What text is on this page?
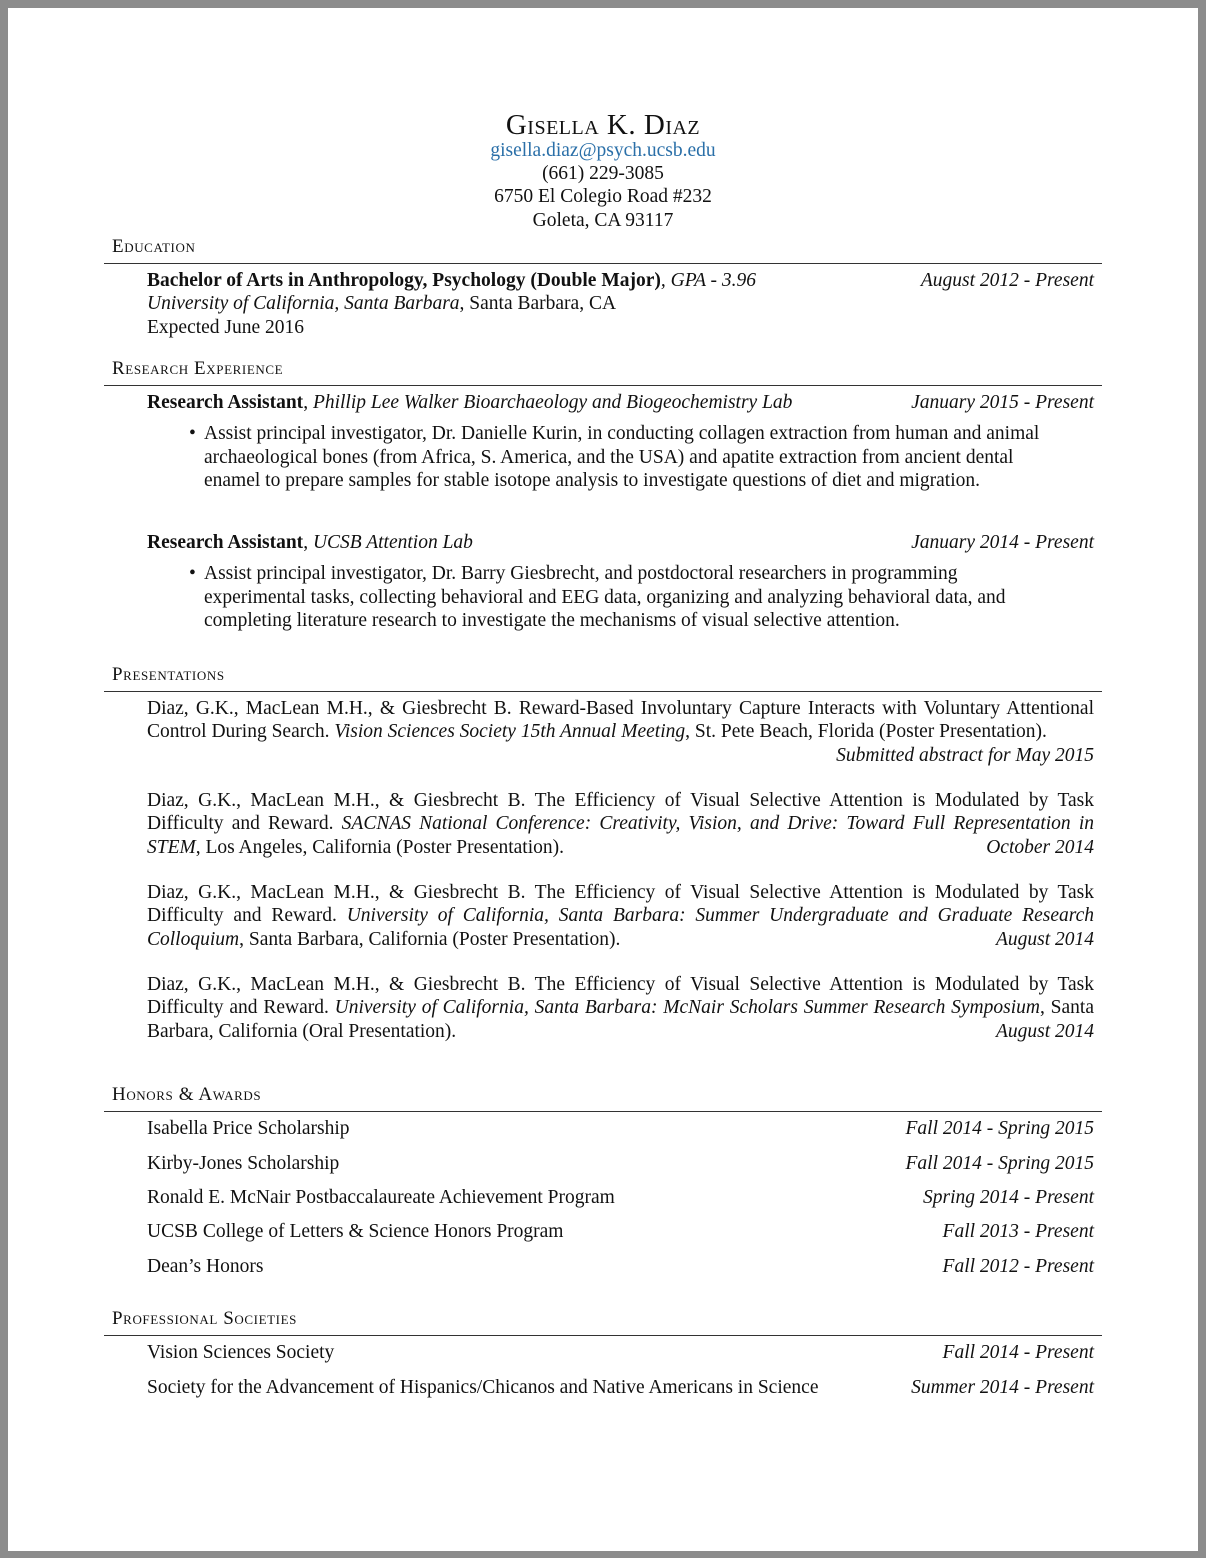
Gisella K. Diaz
gisella.diaz@psych.ucsb.edu
(661) 229-3085
6750 El Colegio Road #232
Goleta, CA 93117
Education
Bachelor of Arts in Anthropology, Psychology (Double Major), GPA - 3.96	August 2012 - Present
University of California, Santa Barbara, Santa Barbara, CA
Expected June 2016
Research Experience
Research Assistant, Phillip Lee Walker Bioarchaeology and Biogeochemistry Lab	January 2015 - Present
• Assist principal investigator, Dr. Danielle Kurin, in conducting collagen extraction from human and animal archaeological bones (from Africa, S. America, and the USA) and apatite extraction from ancient dental enamel to prepare samples for stable isotope analysis to investigate questions of diet and migration.
Research Assistant, UCSB Attention Lab	January 2014 - Present
• Assist principal investigator, Dr. Barry Giesbrecht, and postdoctoral researchers in programming experimental tasks, collecting behavioral and EEG data, organizing and analyzing behavioral data, and completing literature research to investigate the mechanisms of visual selective attention.
Presentations
Diaz, G.K., MacLean M.H., & Giesbrecht B. Reward-Based Involuntary Capture Interacts with Voluntary Attentional Control During Search. Vision Sciences Society 15th Annual Meeting, St. Pete Beach, Florida (Poster Presentation).
Submitted abstract for May 2015
Diaz, G.K., MacLean M.H., & Giesbrecht B. The Efficiency of Visual Selective Attention is Modulated by Task Difficulty and Reward. SACNAS National Conference: Creativity, Vision, and Drive: Toward Full Representation in STEM, Los Angeles, California (Poster Presentation).	October 2014
Diaz, G.K., MacLean M.H., & Giesbrecht B. The Efficiency of Visual Selective Attention is Modulated by Task Difficulty and Reward. University of California, Santa Barbara: Summer Undergraduate and Graduate Research Colloquium, Santa Barbara, California (Poster Presentation).	August 2014
Diaz, G.K., MacLean M.H., & Giesbrecht B. The Efficiency of Visual Selective Attention is Modulated by Task Difficulty and Reward. University of California, Santa Barbara: McNair Scholars Summer Research Symposium, Santa Barbara, California (Oral Presentation).	August 2014
Honors & Awards
Isabella Price Scholarship	Fall 2014 - Spring 2015
Kirby-Jones Scholarship	Fall 2014 - Spring 2015
Ronald E. McNair Postbaccalaureate Achievement Program	Spring 2014 - Present
UCSB College of Letters & Science Honors Program	Fall 2013 - Present
Dean’s Honors	Fall 2012 - Present
Professional Societies
Vision Sciences Society	Fall 2014 - Present
Society for the Advancement of Hispanics/Chicanos and Native Americans in Science	Summer 2014 - Present
